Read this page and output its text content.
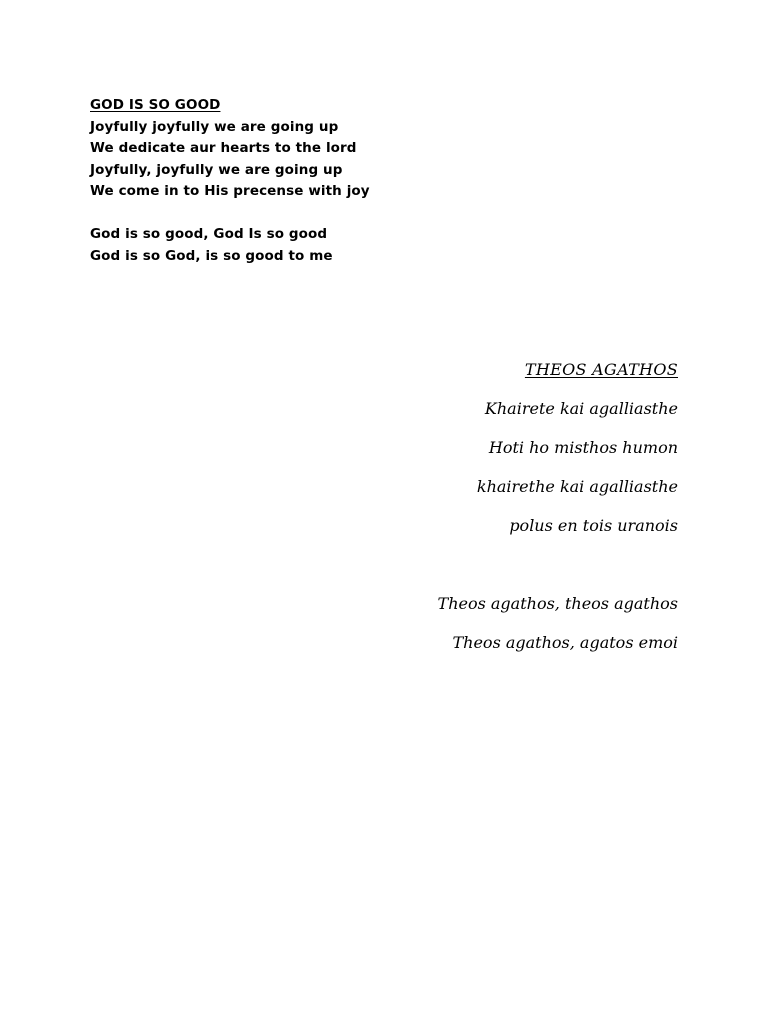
GOD IS SO GOOD
Joyfully joyfully we are going up
We dedicate aur hearts to the lord
Joyfully, joyfully we are going up
We come in to His precense with joy
God is so good, God Is so good
God is so God, is so good to me
THEOS AGATHOS
Khairete kai agalliasthe
Hoti ho misthos humon
khairethe kai agalliasthe
polus en tois uranois
Theos agathos, theos agathos
Theos agathos, agatos emoi
